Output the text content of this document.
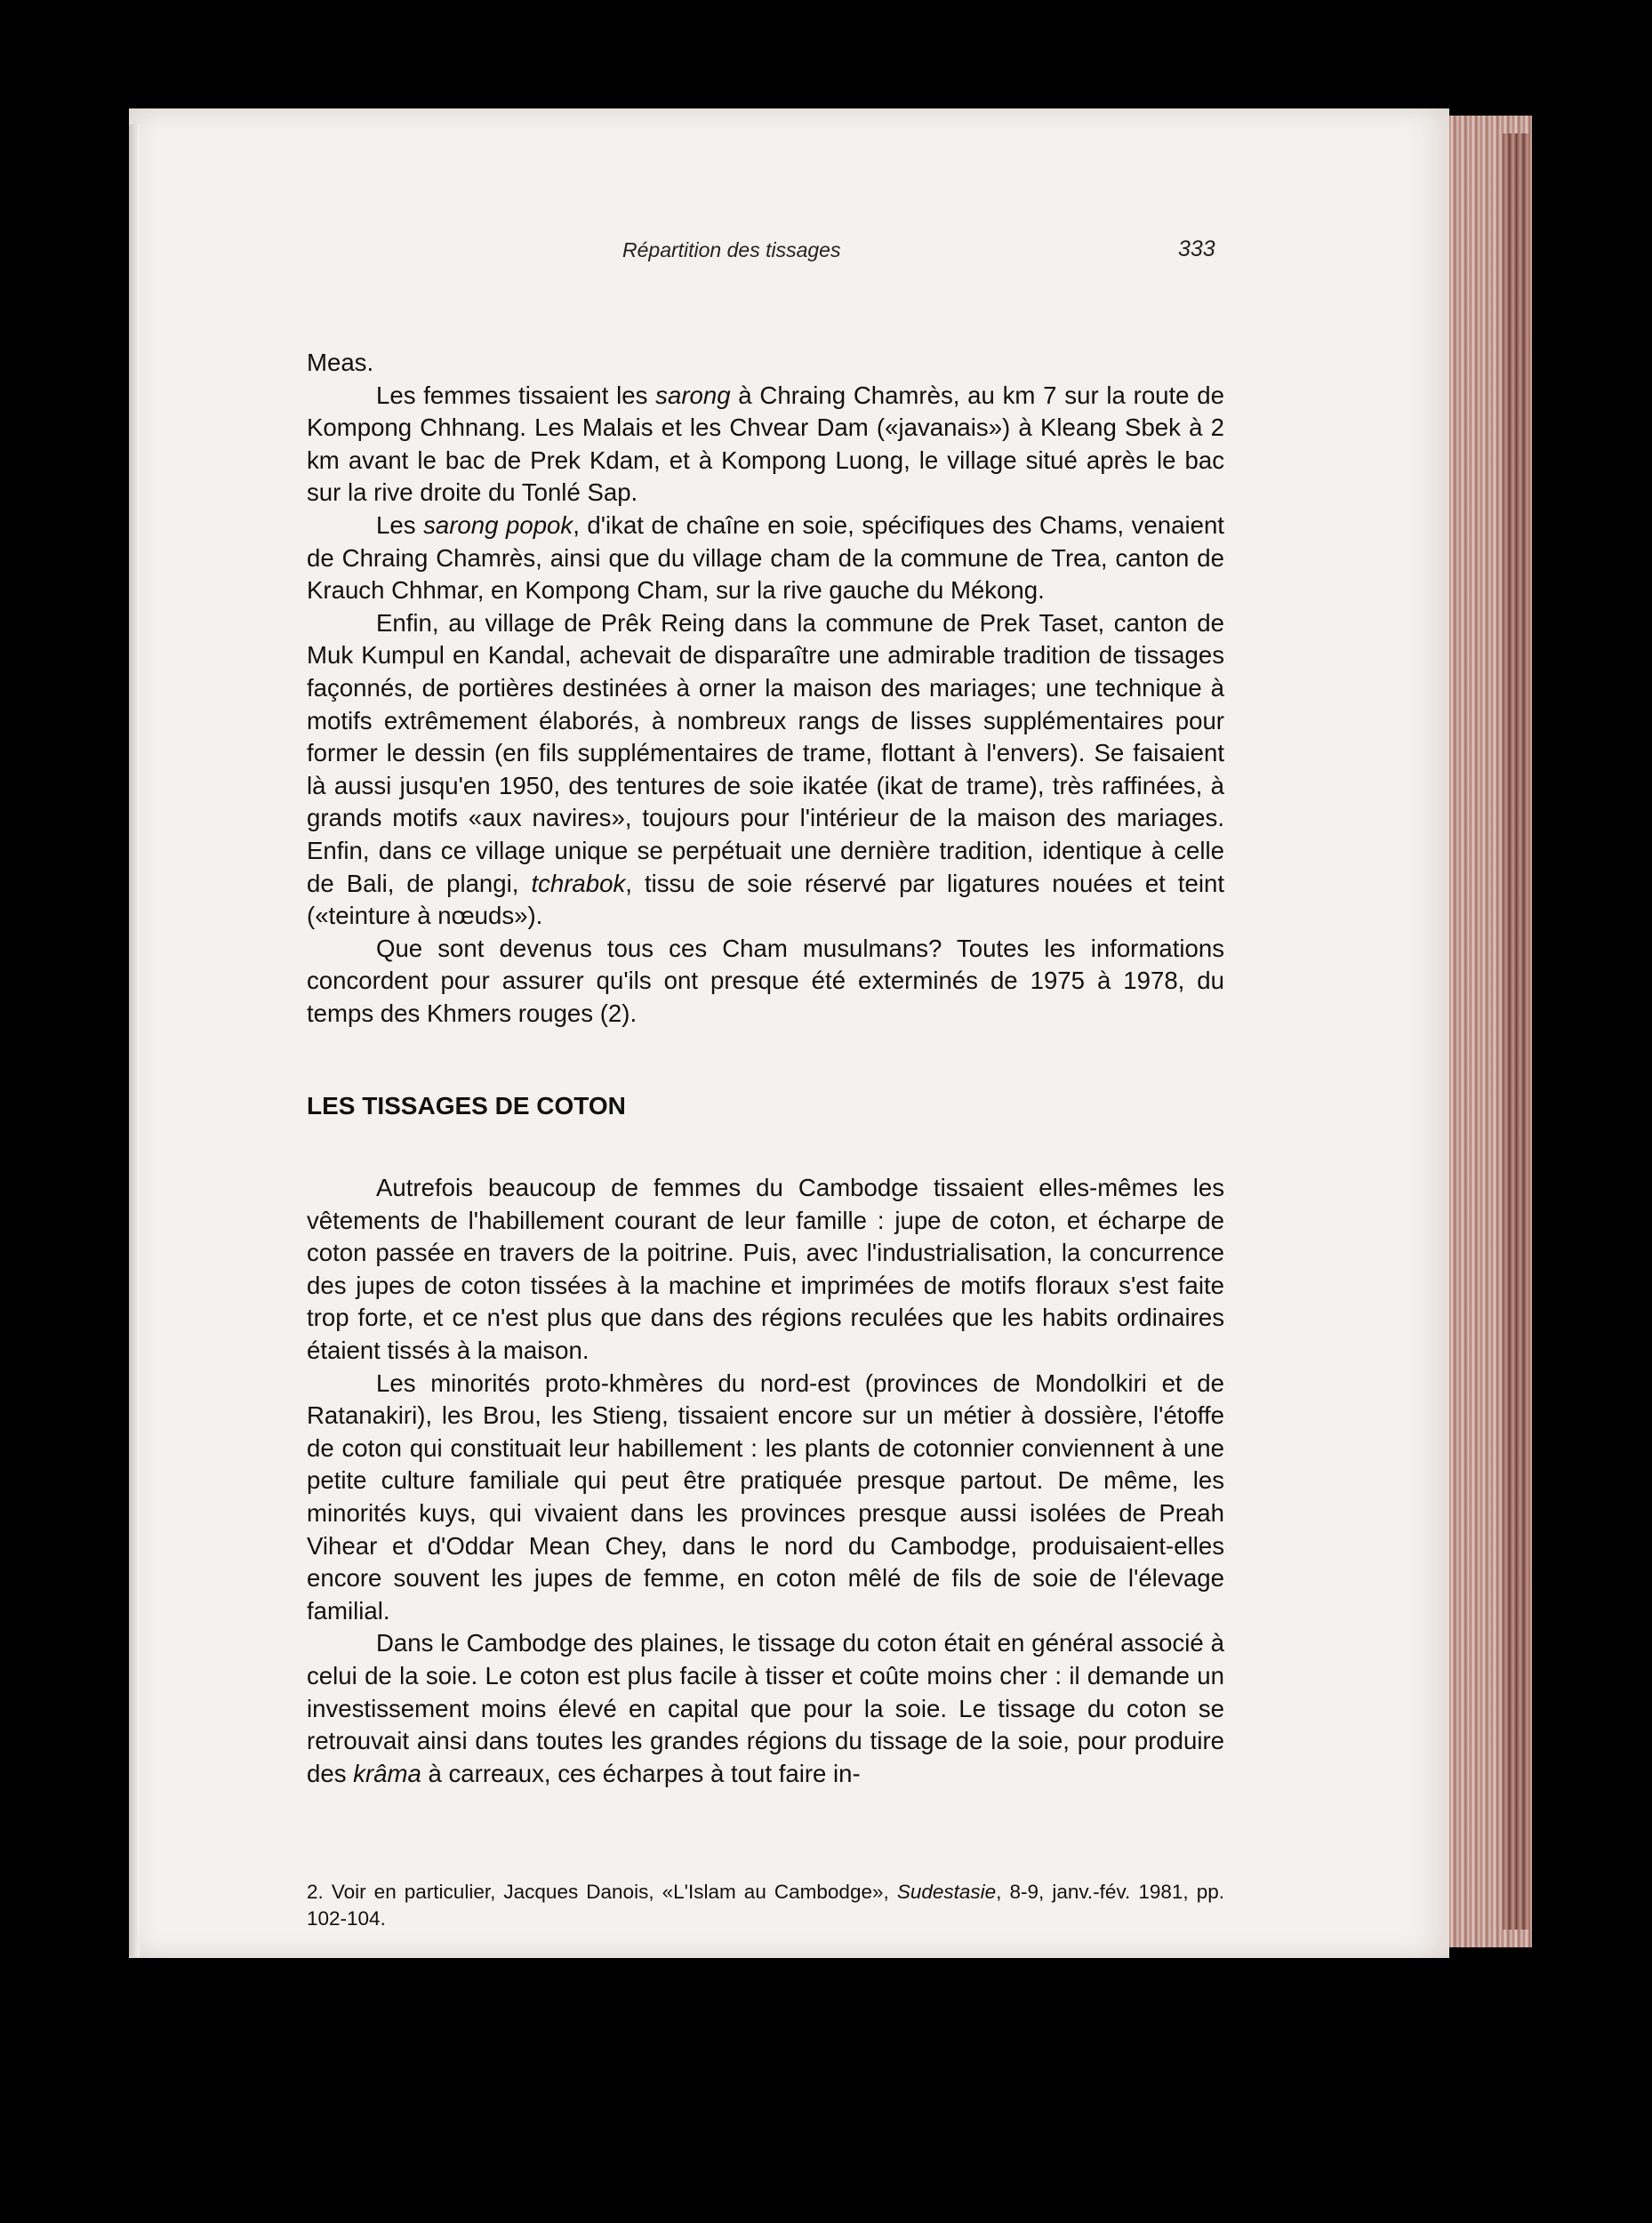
Répartition des tissages	333

Meas.

Les femmes tissaient les sarong à Chraing Chamrès, au km 7 sur la route de Kompong Chhnang. Les Malais et les Chvear Dam («javanais») à Kleang Sbek à 2 km avant le bac de Prek Kdam, et à Kompong Luong, le village situé après le bac sur la rive droite du Tonlé Sap.

Les sarong popok, d'ikat de chaîne en soie, spécifiques des Chams, venaient de Chraing Chamrès, ainsi que du village cham de la commune de Trea, canton de Krauch Chhmar, en Kompong Cham, sur la rive gauche du Mékong.

Enfin, au village de Prêk Reing dans la commune de Prek Taset, canton de Muk Kumpul en Kandal, achevait de disparaître une admirable tradition de tissages façonnés, de portières destinées à orner la maison des mariages; une technique à motifs extrêmement élaborés, à nombreux rangs de lisses supplémentaires pour former le dessin (en fils supplémentaires de trame, flottant à l'envers). Se faisaient là aussi jusqu'en 1950, des tentures de soie ikatée (ikat de trame), très raffinées, à grands motifs «aux navires», toujours pour l'intérieur de la maison des mariages. Enfin, dans ce village unique se perpétuait une dernière tradition, identique à celle de Bali, de plangi, tchrabok, tissu de soie réservé par ligatures nouées et teint («teinture à nœuds»).

Que sont devenus tous ces Cham musulmans? Toutes les informations concordent pour assurer qu'ils ont presque été exterminés de 1975 à 1978, du temps des Khmers rouges (2).

LES TISSAGES DE COTON

Autrefois beaucoup de femmes du Cambodge tissaient elles-mêmes les vêtements de l'habillement courant de leur famille : jupe de coton, et écharpe de coton passée en travers de la poitrine. Puis, avec l'industrialisation, la concurrence des jupes de coton tissées à la machine et imprimées de motifs floraux s'est faite trop forte, et ce n'est plus que dans des régions reculées que les habits ordinaires étaient tissés à la maison.

Les minorités proto-khmères du nord-est (provinces de Mondolkiri et de Ratanakiri), les Brou, les Stieng, tissaient encore sur un métier à dossière, l'étoffe de coton qui constituait leur habillement : les plants de cotonnier conviennent à une petite culture familiale qui peut être pratiquée presque partout. De même, les minorités kuys, qui vivaient dans les provinces presque aussi isolées de Preah Vihear et d'Oddar Mean Chey, dans le nord du Cambodge, produisaient-elles encore souvent les jupes de femme, en coton mêlé de fils de soie de l'élevage familial.

Dans le Cambodge des plaines, le tissage du coton était en général associé à celui de la soie. Le coton est plus facile à tisser et coûte moins cher : il demande un investissement moins élevé en capital que pour la soie. Le tissage du coton se retrouvait ainsi dans toutes les grandes régions du tissage de la soie, pour produire des krâma à carreaux, ces écharpes à tout faire in-

2. Voir en particulier, Jacques Danois, «L'Islam au Cambodge», Sudestasie, 8-9, janv.-fév. 1981, pp. 102-104.
